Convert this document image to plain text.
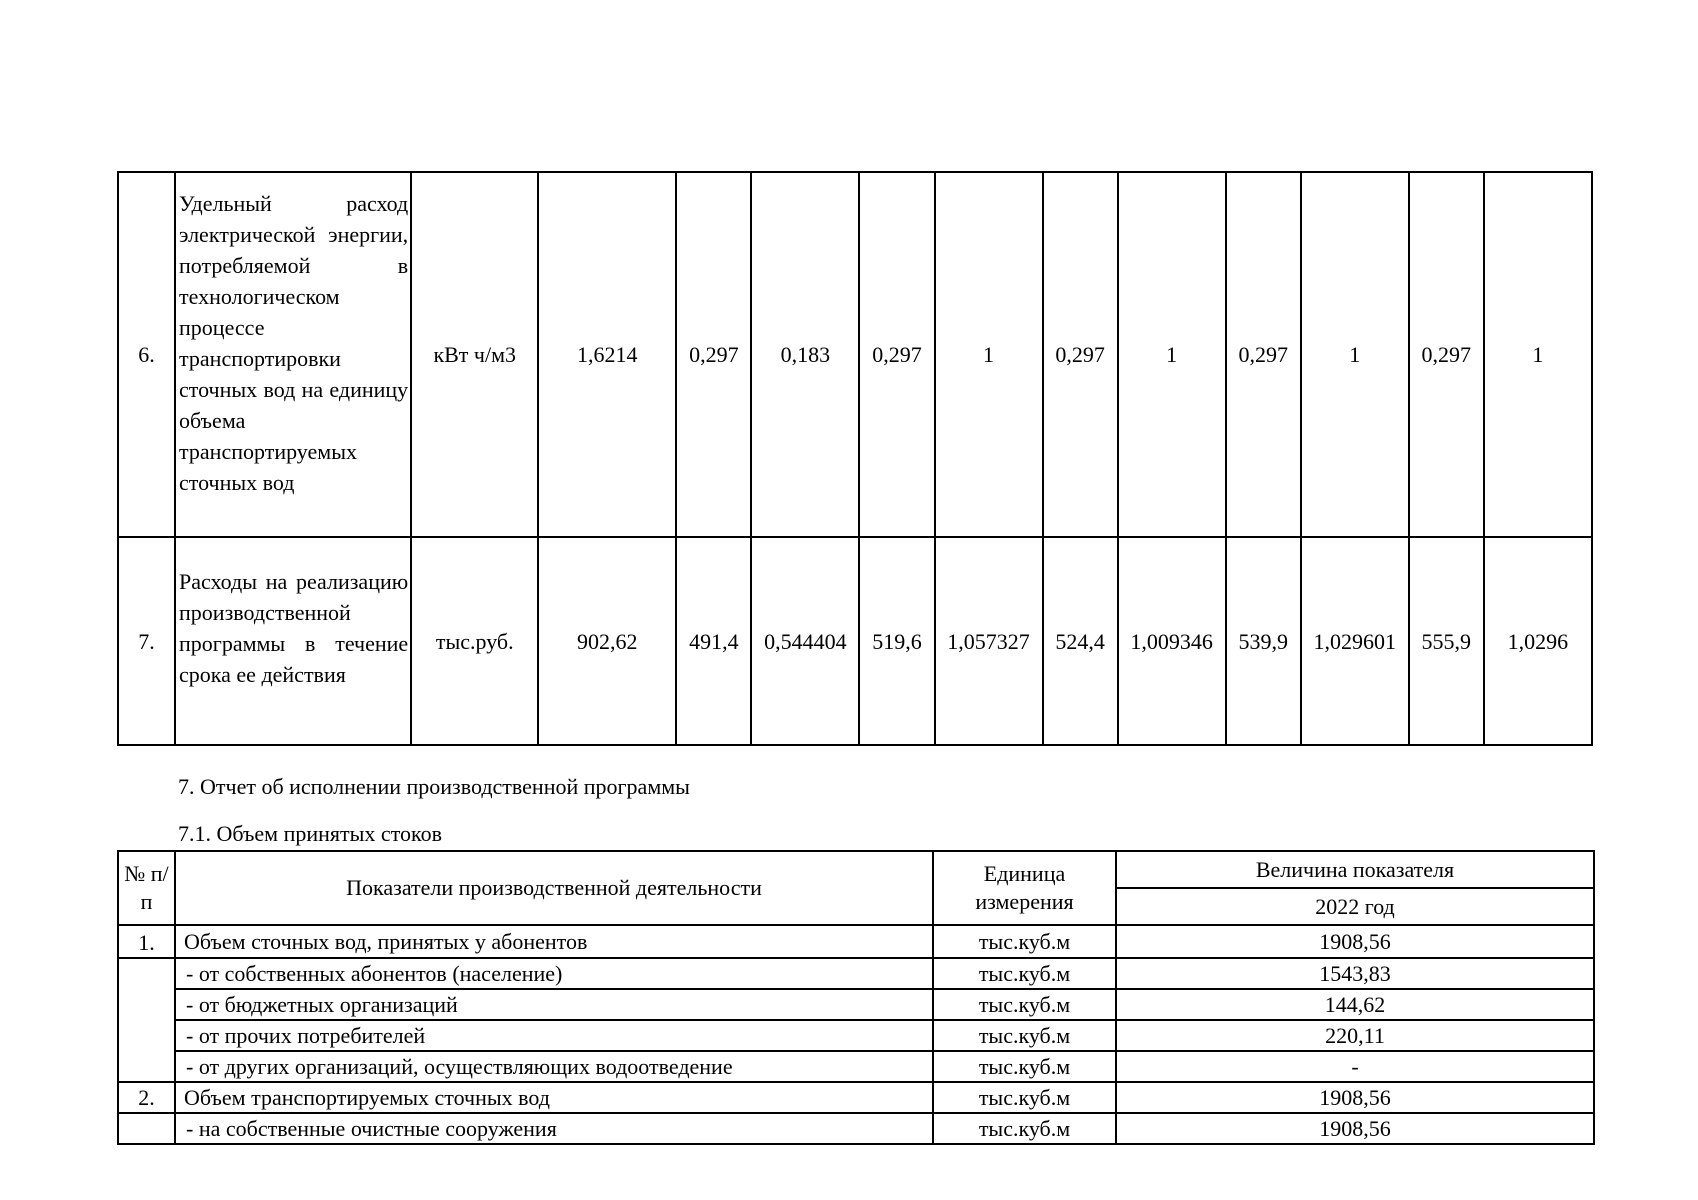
6.	Удельный расход электрической энергии, потребляемой в технологическом процессе транспортировки сточных вод на единицу объема транспортируемых сточных вод	кВт ч/м3	1,6214	0,297	0,183	0,297	1	0,297	1	0,297	1	0,297	1
7.	Расходы на реализацию производственной программы в течение срока ее действия	тыс.руб.	902,62	491,4	0,544404	519,6	1,057327	524,4	1,009346	539,9	1,029601	555,9	1,0296
7. Отчет об исполнении производственной программы
7.1. Объем принятых стоков
№ п/п	Показатели производственной деятельности	Единица измерения	Величина показателя
			2022 год
1.	Объем сточных вод, принятых у абонентов	тыс.куб.м	1908,56
	- от собственных абонентов (население)	тыс.куб.м	1543,83
	- от бюджетных организаций	тыс.куб.м	144,62
	- от прочих потребителей	тыс.куб.м	220,11
	- от других организаций, осуществляющих водоотведение	тыс.куб.м	-
2.	Объем транспортируемых сточных вод	тыс.куб.м	1908,56
	- на собственные очистные сооружения	тыс.куб.м	1908,56
